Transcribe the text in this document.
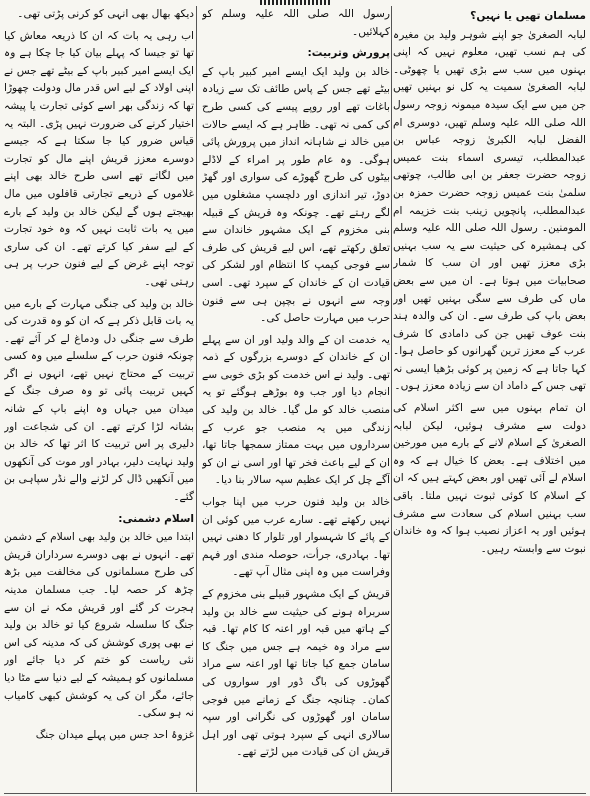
مسلمان تھیں یا نہیں؟
لبابہ الصغریٰ جو اپنے شوہر ولید بن مغیرہ کی ہم نسب تھیں، معلوم نہیں کہ اپنی بہنوں میں سب سے بڑی تھیں یا چھوٹی۔ لبابہ الصغریٰ سمیت یہ کل نو بہنیں تھیں جن میں سے ایک سیدہ میمونہ زوجہ رسول اللہ صلی اللہ علیہ وسلم تھیں، دوسری ام الفضل لبابہ الکبریٰ زوجہ عباس بن عبدالمطلب، تیسری اسماء بنت عمیس زوجہ حضرت جعفر بن ابی طالب، چوتھی سلمیٰ بنت عمیس زوجہ حضرت حمزہ بن عبدالمطلب، پانچویں زینب بنت خزیمہ ام المومنین۔ رسول اللہ صلی اللہ علیہ وسلم کی ہمشیرہ کی حیثیت سے یہ سب بہنیں بڑی معزز تھیں اور ان سب کا شمار صحابیات میں ہوتا ہے۔ ان میں سے بعض ماں کی طرف سے سگی بہنیں تھیں اور بعض باپ کی طرف سے۔ ان کی والدہ ہند بنت عوف تھیں جن کی دامادی کا شرف عرب کے معزز ترین گھرانوں کو حاصل ہوا۔ کہا جاتا ہے کہ زمین پر کوئی بڑھیا ایسی نہ تھی جس کے داماد ان سے زیادہ معزز ہوں۔
ان تمام بہنوں میں سے اکثر اسلام کی دولت سے مشرف ہوئیں، لیکن لبابہ الصغریٰ کے اسلام لانے کے بارے میں مورخین میں اختلاف ہے۔ بعض کا خیال ہے کہ وہ اسلام لے آئی تھیں اور بعض کہتے ہیں کہ ان کے اسلام کا کوئی ثبوت نہیں ملتا۔ باقی سب بہنیں اسلام کی سعادت سے مشرف ہوئیں اور یہ اعزاز نصیب ہوا کہ وہ خاندان نبوت سے وابستہ رہیں۔
رسول اللہ صلی اللہ علیہ وسلم کو کہلائیں۔
پرورش وتربیت:
خالد بن ولید ایک ایسے امیر کبیر باپ کے بیٹے تھے جس کے پاس طائف تک سے زیادہ باغات تھے اور روپے پیسے کی کسی طرح کی کمی نہ تھی۔ ظاہر ہے کہ ایسے حالات میں خالد نے شاہانہ انداز میں پرورش پائی ہوگی۔ وہ عام طور پر امراء کے لاڈلے بیٹوں کی طرح گھوڑے کی سواری اور گھڑ دوڑ، تیر اندازی اور دلچسپ مشغلوں میں لگے رہتے تھے۔ چونکہ وہ قریش کے قبیلہ بنی مخزوم کے ایک مشہور خاندان سے تعلق رکھتے تھے، اس لیے قریش کی طرف سے فوجی کیمپ کا انتظام اور لشکر کی قیادت ان کے خاندان کے سپرد تھی۔ اسی وجہ سے انہوں نے بچپن ہی سے فنون حرب میں مہارت حاصل کی۔
یہ خدمت ان کے والد ولید اور ان سے پہلے ان کے خاندان کے دوسرے بزرگوں کے ذمہ تھی۔ ولید نے اس خدمت کو بڑی خوبی سے انجام دیا اور جب وہ بوڑھے ہوگئے تو یہ منصب خالد کو مل گیا۔ خالد بن ولید کی زندگی میں یہ منصب جو عرب کے سرداروں میں بہت ممتاز سمجھا جاتا تھا، ان کے لیے باعث فخر تھا اور اسی نے ان کو آگے چل کر ایک عظیم سپہ سالار بنا دیا۔
خالد بن ولید فنون حرب میں اپنا جواب نہیں رکھتے تھے۔ سارے عرب میں کوئی ان کے پائے کا شہسوار اور تلوار کا دھنی نہیں تھا۔ بہادری، جرأت، حوصلہ مندی اور فہم وفراست میں وہ اپنی مثال آپ تھے۔
قریش کے ایک مشہور قبیلے بنی مخزوم کے سربراہ ہونے کی حیثیت سے خالد بن ولید کے ہاتھ میں قبہ اور اعنہ کا کام تھا۔ قبہ سے مراد وہ خیمہ ہے جس میں جنگ کا سامان جمع کیا جاتا تھا اور اعنہ سے مراد گھوڑوں کی باگ ڈور اور سواروں کی کمان۔ چنانچہ جنگ کے زمانے میں فوجی سامان اور گھوڑوں کی نگرانی اور سپہ سالاری انہی کے سپرد ہوتی تھی اور اہل قریش ان کی قیادت میں لڑتے تھے۔
دیکھ بھال بھی انہی کو کرنی پڑتی تھی۔
اب رہی یہ بات کہ ان کا ذریعہ معاش کیا تھا تو جیسا کہ پہلے بیان کیا جا چکا ہے وہ ایک ایسے امیر کبیر باپ کے بیٹے تھے جس نے اپنی اولاد کے لیے اس قدر مال ودولت چھوڑا تھا کہ زندگی بھر اسے کوئی تجارت یا پیشہ اختیار کرنے کی ضرورت نہیں پڑی۔ البتہ یہ قیاس ضرور کیا جا سکتا ہے کہ جیسے دوسرے معزز قریش اپنے مال کو تجارت میں لگاتے تھے اسی طرح خالد بھی اپنے غلاموں کے ذریعے تجارتی قافلوں میں مال بھیجتے ہوں گے لیکن خالد بن ولید کے بارے میں یہ بات ثابت نہیں کہ وہ خود تجارت کے لیے سفر کیا کرتے تھے۔ ان کی ساری توجہ اپنے غرض کے لیے فنون حرب پر ہی رہتی تھی۔
خالد بن ولید کی جنگی مہارت کے بارے میں یہ بات قابل ذکر ہے کہ ان کو وہ قدرت کی طرف سے جنگی دل ودماغ لے کر آئے تھے۔ چونکہ فنون حرب کے سلسلے میں وہ کسی تربیت کے محتاج نہیں تھے، انہوں نے اگر کہیں تربیت پائی تو وہ صرف جنگ کے میدان میں جہاں وہ اپنے باپ کے شانہ بشانہ لڑا کرتے تھے۔ ان کی شجاعت اور دلیری پر اس تربیت کا اثر تھا کہ خالد بن ولید نہایت دلیر، بہادر اور موت کی آنکھوں میں آنکھیں ڈال کر لڑنے والے نڈر سپاہی بن گئے۔
اسلام دشمنی:
ابتدا میں خالد بن ولید بھی اسلام کے دشمن تھے۔ انہوں نے بھی دوسرے سرداران قریش کی طرح مسلمانوں کی مخالفت میں بڑھ چڑھ کر حصہ لیا۔ جب مسلمان مدینہ ہجرت کر گئے اور قریش مکہ نے ان سے جنگ کا سلسلہ شروع کیا تو خالد بن ولید نے بھی پوری کوشش کی کہ مدینہ کی اس نئی ریاست کو ختم کر دیا جائے اور مسلمانوں کو ہمیشہ کے لیے دنیا سے مٹا دیا جائے، مگر ان کی یہ کوشش کبھی کامیاب نہ ہو سکی۔
غزوۂ احد جس میں پہلے میدان جنگ
